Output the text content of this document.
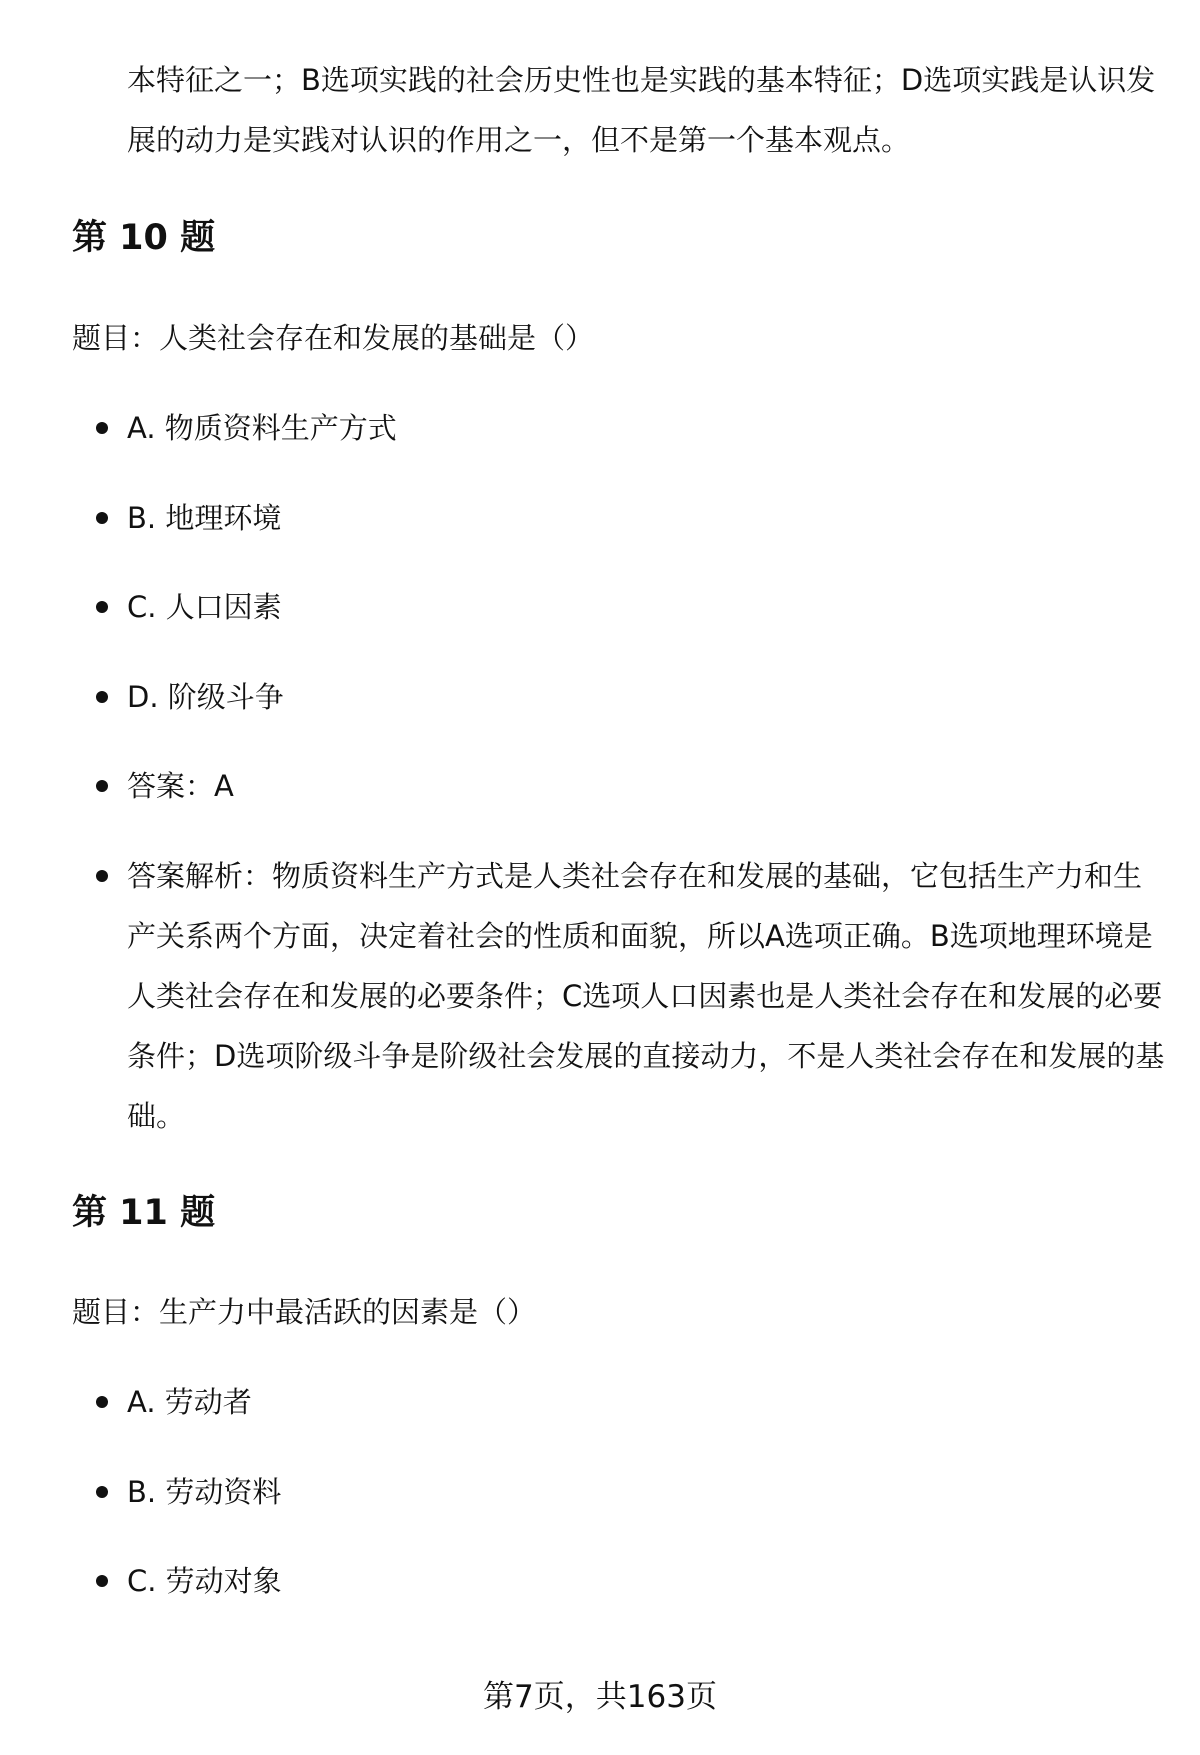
本特征之一；B选项实践的社会历史性也是实践的基本特征；D选项实践是认识发展的动力是实践对认识的作用之一，但不是第一个基本观点。

第 10 题

题目：人类社会存在和发展的基础是（）

A. 物质资料生产方式

B. 地理环境

C. 人口因素

D. 阶级斗争

答案：A

答案解析：物质资料生产方式是人类社会存在和发展的基础，它包括生产力和生产关系两个方面，决定着社会的性质和面貌，所以A选项正确。B选项地理环境是人类社会存在和发展的必要条件；C选项人口因素也是人类社会存在和发展的必要条件；D选项阶级斗争是阶级社会发展的直接动力，不是人类社会存在和发展的基础。

第 11 题

题目：生产力中最活跃的因素是（）

A. 劳动者

B. 劳动资料

C. 劳动对象

第7页，共163页
